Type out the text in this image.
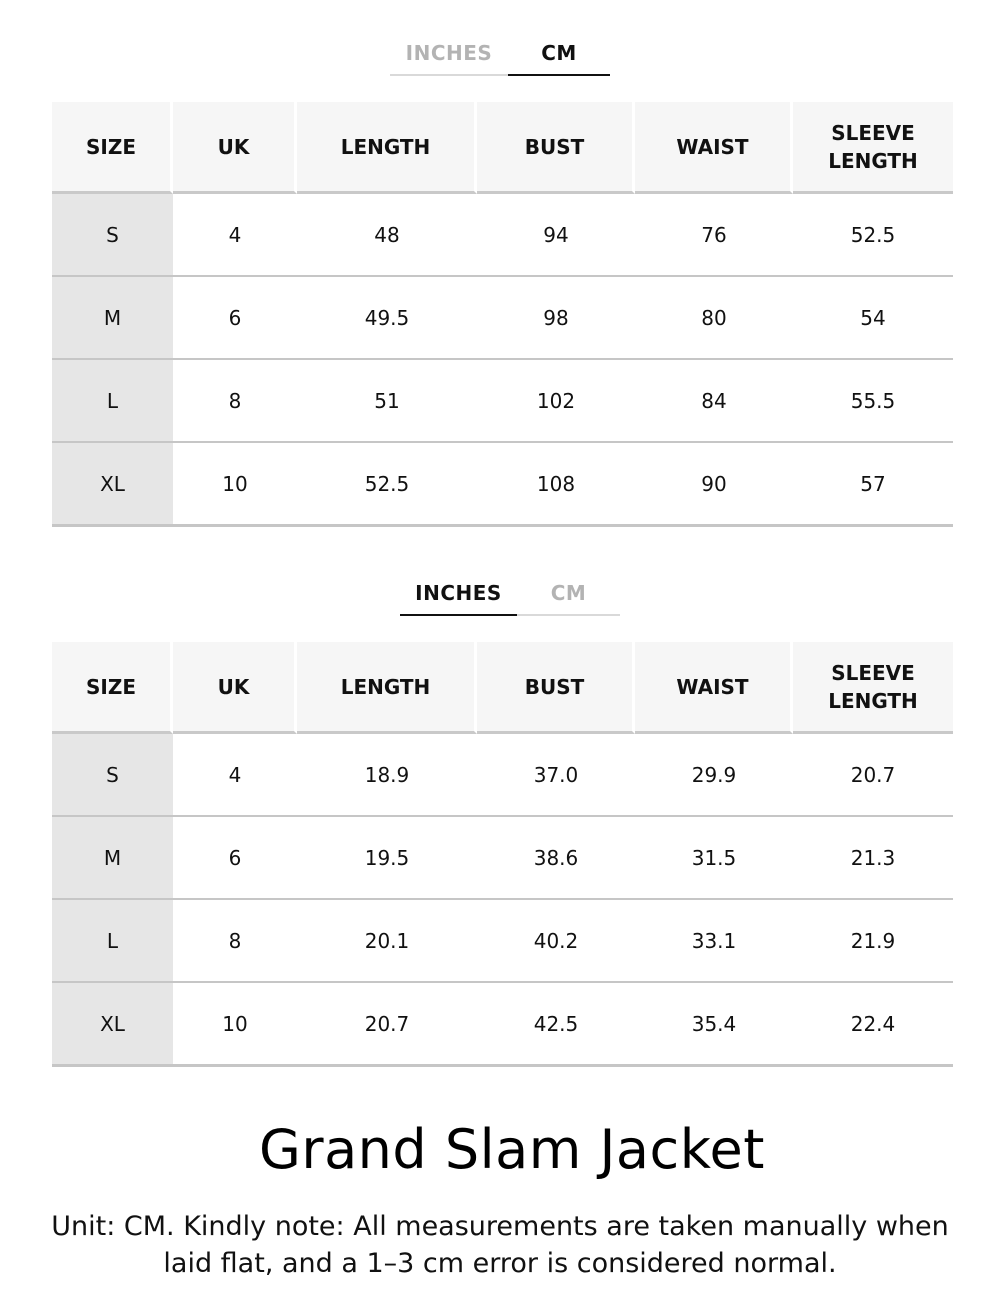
INCHES	CM
SIZE	UK	LENGTH	BUST	WAIST	SLEEVE LENGTH
S	4	48	94	76	52.5
M	6	49.5	98	80	54
L	8	51	102	84	55.5
XL	10	52.5	108	90	57
INCHES	CM
SIZE	UK	LENGTH	BUST	WAIST	SLEEVE LENGTH
S	4	18.9	37.0	29.9	20.7
M	6	19.5	38.6	31.5	21.3
L	8	20.1	40.2	33.1	21.9
XL	10	20.7	42.5	35.4	22.4
Grand Slam Jacket

Unit: CM. Kindly note: All measurements are taken manually when laid flat, and a 1–3 cm error is considered normal.
